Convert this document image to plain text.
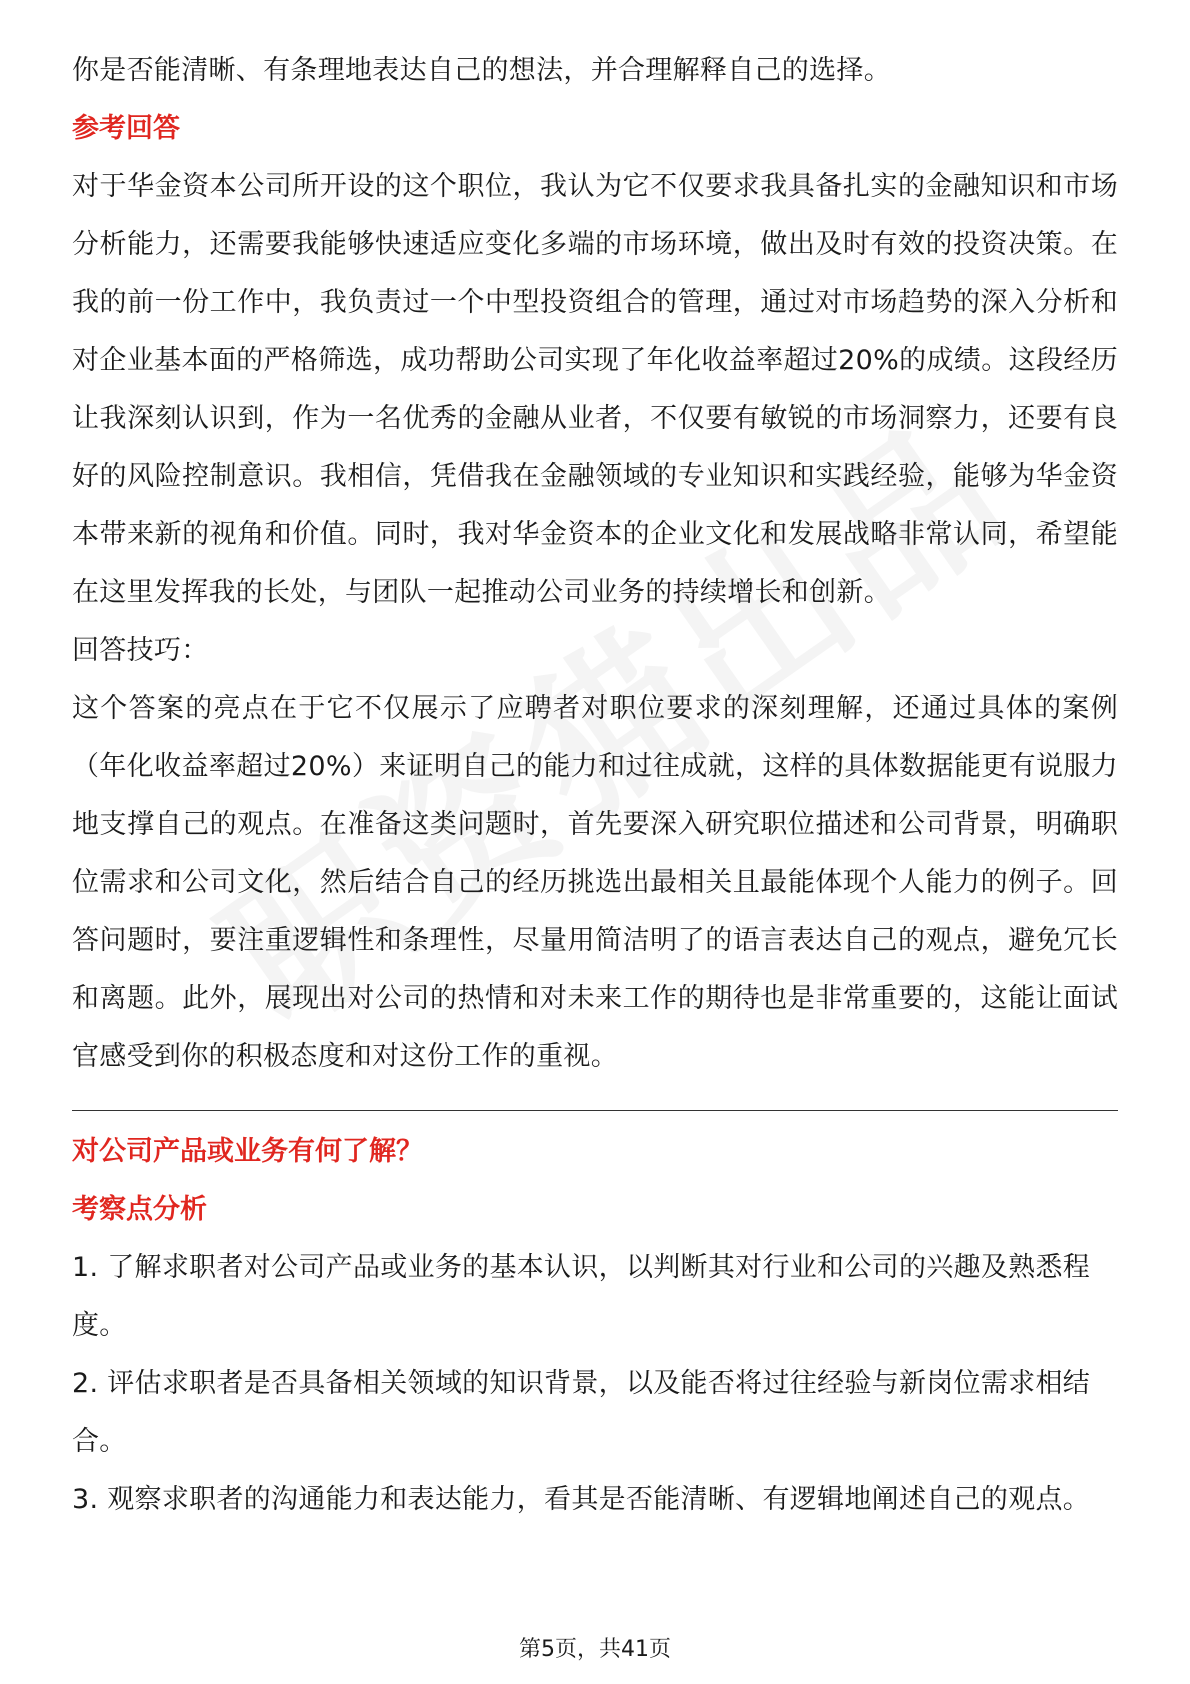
你是否能清晰、有条理地表达自己的想法，并合理解释自己的选择。

参考回答

对于华金资本公司所开设的这个职位，我认为它不仅要求我具备扎实的金融知识和市场分析能力，还需要我能够快速适应变化多端的市场环境，做出及时有效的投资决策。在我的前一份工作中，我负责过一个中型投资组合的管理，通过对市场趋势的深入分析和对企业基本面的严格筛选，成功帮助公司实现了年化收益率超过20%的成绩。这段经历让我深刻认识到，作为一名优秀的金融从业者，不仅要有敏锐的市场洞察力，还要有良好的风险控制意识。我相信，凭借我在金融领域的专业知识和实践经验，能够为华金资本带来新的视角和价值。同时，我对华金资本的企业文化和发展战略非常认同，希望能在这里发挥我的长处，与团队一起推动公司业务的持续增长和创新。

回答技巧：

这个答案的亮点在于它不仅展示了应聘者对职位要求的深刻理解，还通过具体的案例（年化收益率超过20%）来证明自己的能力和过往成就，这样的具体数据能更有说服力地支撑自己的观点。在准备这类问题时，首先要深入研究职位描述和公司背景，明确职位需求和公司文化，然后结合自己的经历挑选出最相关且最能体现个人能力的例子。回答问题时，要注重逻辑性和条理性，尽量用简洁明了的语言表达自己的观点，避免冗长和离题。此外，展现出对公司的热情和对未来工作的期待也是非常重要的，这能让面试官感受到你的积极态度和对这份工作的重视。

对公司产品或业务有何了解？

考察点分析

1. 了解求职者对公司产品或业务的基本认识，以判断其对行业和公司的兴趣及熟悉程度。

2. 评估求职者是否具备相关领域的知识背景，以及能否将过往经验与新岗位需求相结合。

3. 观察求职者的沟通能力和表达能力，看其是否能清晰、有逻辑地阐述自己的观点。

第5页，共41页
